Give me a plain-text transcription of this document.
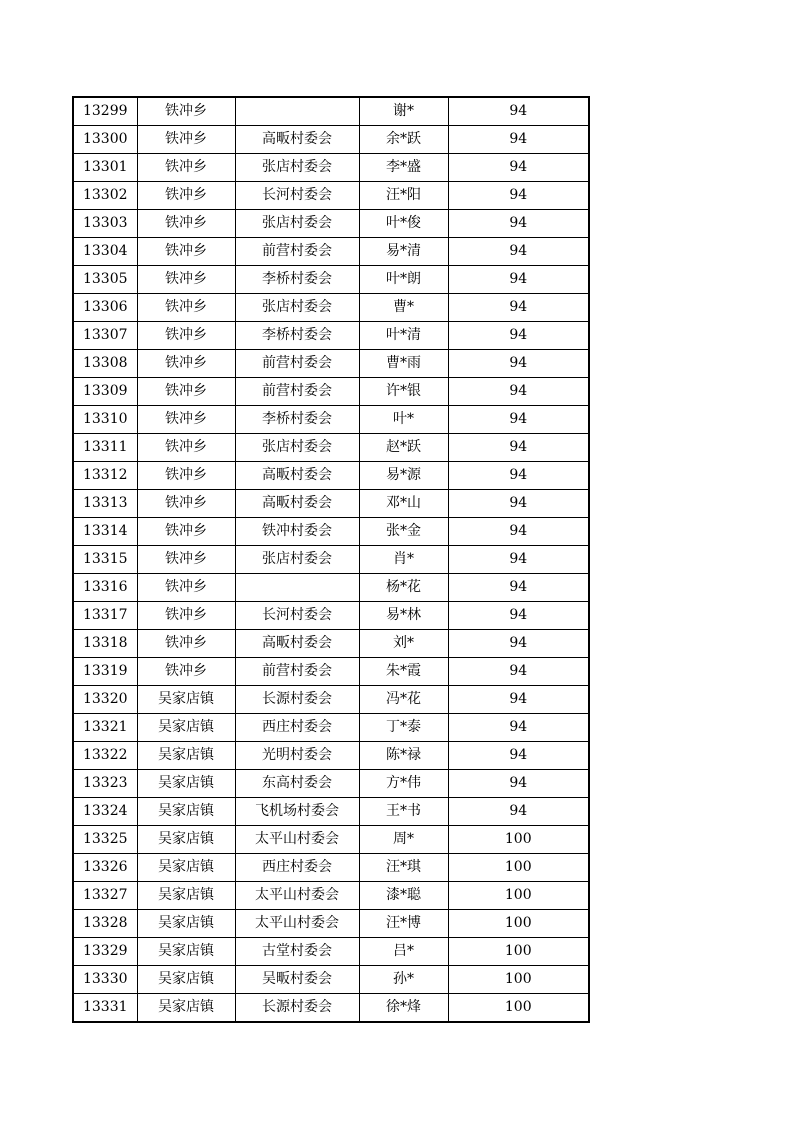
13299	铁冲乡		谢*	94
13300	铁冲乡	高畈村委会	余*跃	94
13301	铁冲乡	张店村委会	李*盛	94
13302	铁冲乡	长河村委会	汪*阳	94
13303	铁冲乡	张店村委会	叶*俊	94
13304	铁冲乡	前营村委会	易*清	94
13305	铁冲乡	李桥村委会	叶*朗	94
13306	铁冲乡	张店村委会	曹*	94
13307	铁冲乡	李桥村委会	叶*清	94
13308	铁冲乡	前营村委会	曹*雨	94
13309	铁冲乡	前营村委会	许*银	94
13310	铁冲乡	李桥村委会	叶*	94
13311	铁冲乡	张店村委会	赵*跃	94
13312	铁冲乡	高畈村委会	易*源	94
13313	铁冲乡	高畈村委会	邓*山	94
13314	铁冲乡	铁冲村委会	张*金	94
13315	铁冲乡	张店村委会	肖*	94
13316	铁冲乡		杨*花	94
13317	铁冲乡	长河村委会	易*林	94
13318	铁冲乡	高畈村委会	刘*	94
13319	铁冲乡	前营村委会	朱*霞	94
13320	吴家店镇	长源村委会	冯*花	94
13321	吴家店镇	西庄村委会	丁*泰	94
13322	吴家店镇	光明村委会	陈*禄	94
13323	吴家店镇	东高村委会	方*伟	94
13324	吴家店镇	飞机场村委会	王*书	94
13325	吴家店镇	太平山村委会	周*	100
13326	吴家店镇	西庄村委会	汪*琪	100
13327	吴家店镇	太平山村委会	漆*聪	100
13328	吴家店镇	太平山村委会	汪*博	100
13329	吴家店镇	古堂村委会	吕*	100
13330	吴家店镇	吴畈村委会	孙*	100
13331	吴家店镇	长源村委会	徐*烽	100
